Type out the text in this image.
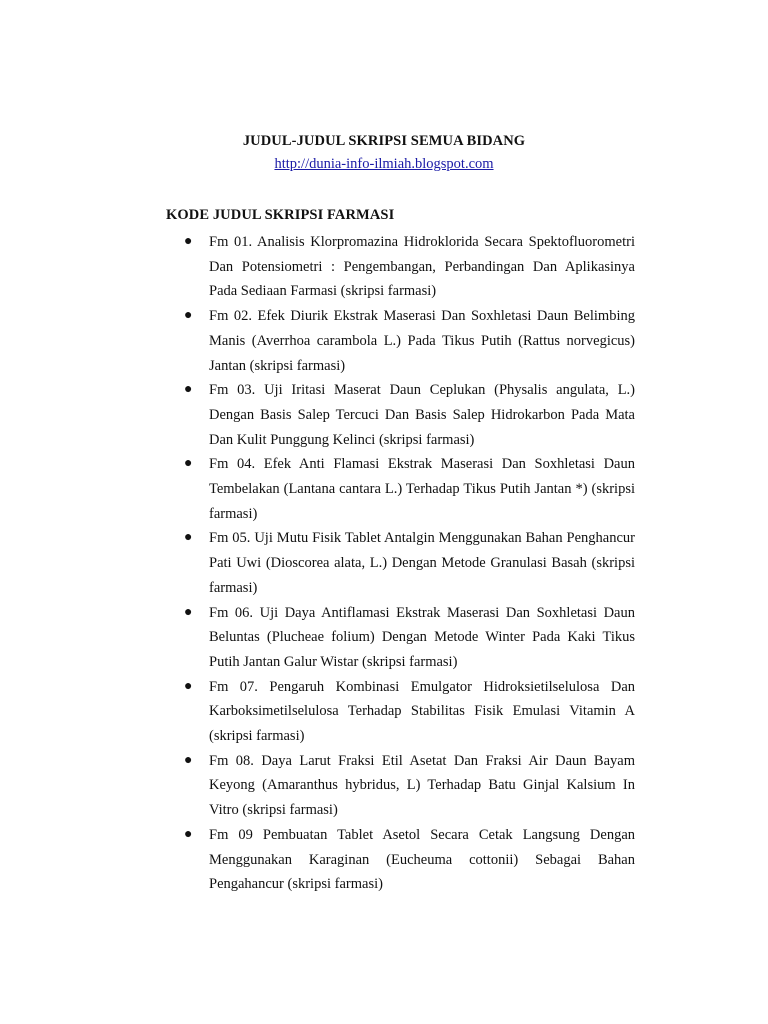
JUDUL-JUDUL SKRIPSI SEMUA BIDANG
http://dunia-info-ilmiah.blogspot.com
KODE JUDUL SKRIPSI FARMASI
● Fm 01. Analisis Klorpromazina Hidroklorida Secara Spektofluorometri Dan Potensiometri : Pengembangan, Perbandingan Dan Aplikasinya Pada Sediaan Farmasi (skripsi farmasi)
● Fm 02. Efek Diurik Ekstrak Maserasi Dan Soxhletasi Daun Belimbing Manis (Averrhoa carambola L.) Pada Tikus Putih (Rattus norvegicus) Jantan (skripsi farmasi)
● Fm 03. Uji Iritasi Maserat Daun Ceplukan (Physalis angulata, L.) Dengan Basis Salep Tercuci Dan Basis Salep Hidrokarbon Pada Mata Dan Kulit Punggung Kelinci (skripsi farmasi)
● Fm 04. Efek Anti Flamasi Ekstrak Maserasi Dan Soxhletasi Daun Tembelakan (Lantana cantara L.) Terhadap Tikus Putih Jantan *) (skripsi farmasi)
● Fm 05. Uji Mutu Fisik Tablet Antalgin Menggunakan Bahan Penghancur Pati Uwi (Dioscorea alata, L.) Dengan Metode Granulasi Basah (skripsi farmasi)
● Fm 06. Uji Daya Antiflamasi Ekstrak Maserasi Dan Soxhletasi Daun Beluntas (Plucheae folium) Dengan Metode Winter Pada Kaki Tikus Putih Jantan Galur Wistar (skripsi farmasi)
● Fm 07. Pengaruh Kombinasi Emulgator Hidroksietilselulosa Dan Karboksimetilselulosa Terhadap Stabilitas Fisik Emulasi Vitamin A (skripsi farmasi)
● Fm 08. Daya Larut Fraksi Etil Asetat Dan Fraksi Air Daun Bayam Keyong (Amaranthus hybridus, L) Terhadap Batu Ginjal Kalsium In Vitro (skripsi farmasi)
● Fm 09 Pembuatan Tablet Asetol Secara Cetak Langsung Dengan Menggunakan Karaginan (Eucheuma cottonii) Sebagai Bahan Pengahancur (skripsi farmasi)
